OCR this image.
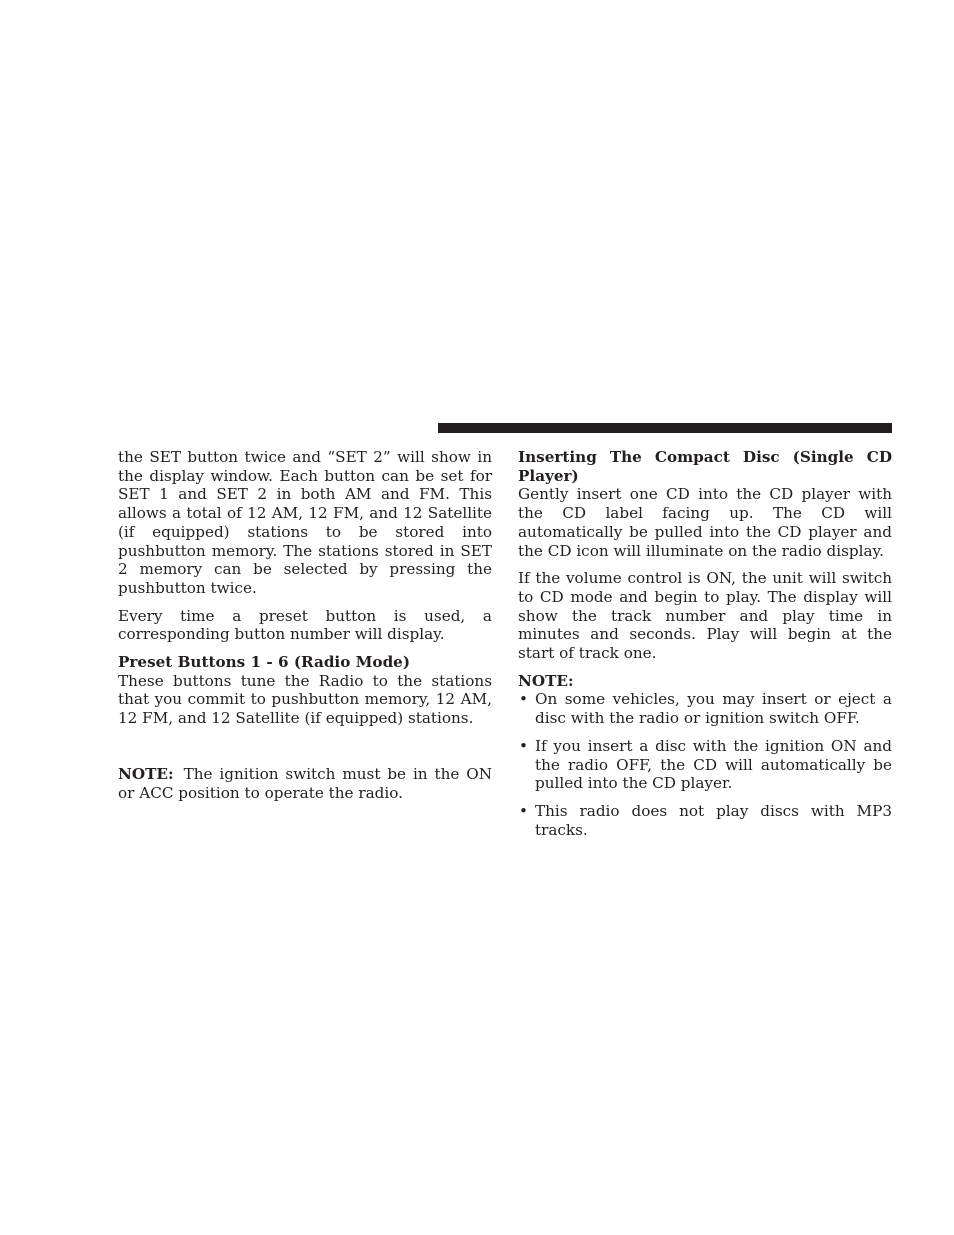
the SET button twice and “SET 2” will show in the display window. Each button can be set for SET 1 and SET 2 in both AM and FM. This allows a total of 12 AM, 12 FM, and 12 Satellite (if equipped) stations to be stored into pushbutton memory. The stations stored in SET 2 memory can be selected by pressing the pushbutton twice.

Every time a preset button is used, a corresponding button number will display.

Preset Buttons 1 - 6 (Radio Mode)

These buttons tune the Radio to the stations that you commit to pushbutton memory, 12 AM, 12 FM, and 12 Satellite (if equipped) stations.

NOTE: The ignition switch must be in the ON or ACC position to operate the radio.

Inserting The Compact Disc (Single CD Player)

Gently insert one CD into the CD player with the CD label facing up. The CD will automatically be pulled into the CD player and the CD icon will illuminate on the radio display.

If the volume control is ON, the unit will switch to CD mode and begin to play. The display will show the track number and play time in minutes and seconds. Play will begin at the start of track one.

NOTE:
• On some vehicles, you may insert or eject a disc with the radio or ignition switch OFF.
• If you insert a disc with the ignition ON and the radio OFF, the CD will automatically be pulled into the CD player.
• This radio does not play discs with MP3 tracks.
